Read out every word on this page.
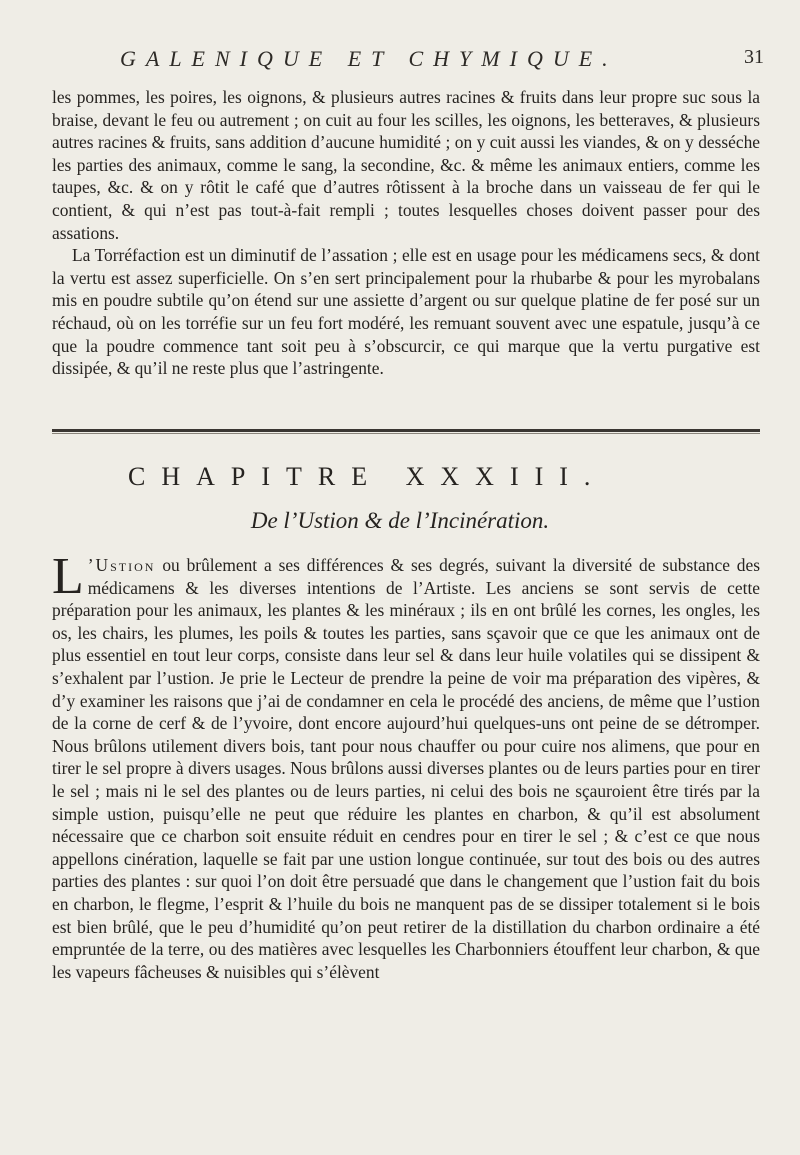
GALENIQUE ET CHYMIQUE.	31

les pommes, les poires, les oignons, & plusieurs autres racines & fruits dans leur propre suc sous la braise, devant le feu ou autrement ; on cuit au four les scilles, les oignons, les betteraves, & plusieurs autres racines & fruits, sans addition d’aucune humidité ; on y cuit aussi les viandes, & on y desséche les parties des animaux, comme le sang, la secondine, &c. & même les animaux entiers, comme les taupes, &c. & on y rôtit le café que d’autres rôtissent à la broche dans un vaisseau de fer qui le contient, & qui n’est pas tout-à-fait rempli ; toutes lesquelles choses doivent passer pour des assations.

La Torréfaction est un diminutif de l’assation ; elle est en usage pour les médicamens secs, & dont la vertu est assez superficielle. On s’en sert principalement pour la rhubarbe & pour les myrobalans mis en poudre subtile qu’on étend sur une assiette d’argent ou sur quelque platine de fer posé sur un réchaud, où on les torréfie sur un feu fort modéré, les remuant souvent avec une espatule, jusqu’à ce que la poudre commence tant soit peu à s’obscurcir, ce qui marque que la vertu purgative est dissipée, & qu’il ne reste plus que l’astringente.

CHAPITRE XXXIII.
De l’Ustion & de l’Incinération.

L ’Ustion ou brûlement a ses différences & ses degrés, suivant la diversité de substance des médicamens & les diverses intentions de l’Artiste. Les anciens se sont servis de cette préparation pour les animaux, les plantes & les minéraux ; ils en ont brûlé les cornes, les ongles, les os, les chairs, les plumes, les poils & toutes les parties, sans sçavoir que ce que les animaux ont de plus essentiel en tout leur corps, consiste dans leur sel & dans leur huile volatiles qui se dissipent & s’exhalent par l’ustion. Je prie le Lecteur de prendre la peine de voir ma préparation des vipères, & d’y examiner les raisons que j’ai de condamner en cela le procédé des anciens, de même que l’ustion de la corne de cerf & de l’yvoire, dont encore aujourd’hui quelques-uns ont peine de se détromper. Nous brûlons utilement divers bois, tant pour nous chauffer ou pour cuire nos alimens, que pour en tirer le sel propre à divers usages. Nous brûlons aussi diverses plantes ou de leurs parties pour en tirer le sel ; mais ni le sel des plantes ou de leurs parties, ni celui des bois ne sçauroient être tirés par la simple ustion, puisqu’elle ne peut que réduire les plantes en charbon, & qu’il est absolument nécessaire que ce charbon soit ensuite réduit en cendres pour en tirer le sel ; & c’est ce que nous appellons cinération, laquelle se fait par une ustion longue continuée, sur tout des bois ou des autres parties des plantes : sur quoi l’on doit être persuadé que dans le changement que l’ustion fait du bois en charbon, le flegme, l’esprit & l’huile du bois ne manquent pas de se dissiper totalement si le bois est bien brûlé, que le peu d’humidité qu’on peut retirer de la distillation du charbon ordinaire a été empruntée de la terre, ou des matières avec lesquelles les Charbonniers étouffent leur charbon, & que les vapeurs fâcheuses & nuisibles qui s’élèvent
